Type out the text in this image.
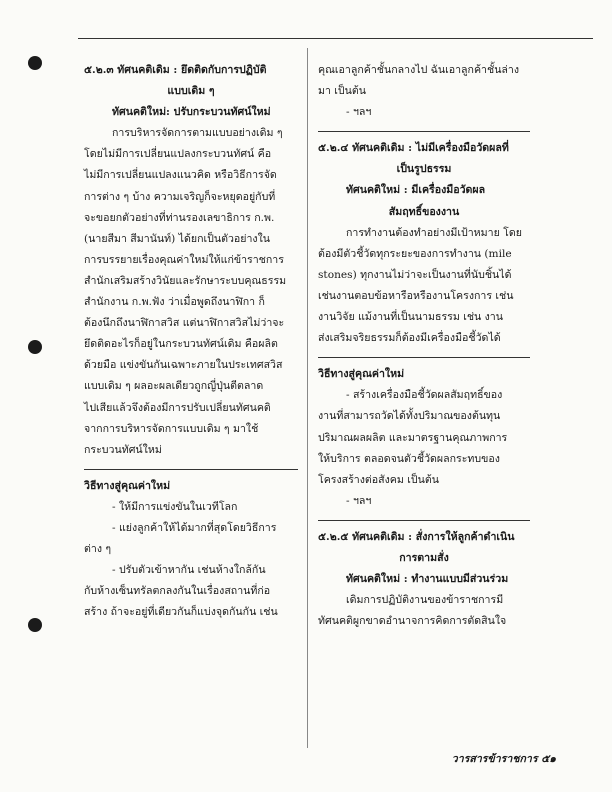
๕.๒.๓ ทัศนคติเดิม : ยึดติดกับการปฏิบัติ

แบบเดิม ๆ

ทัศนคติใหม่: ปรับกระบวนทัศน์ใหม่

การบริหารจัดการตามแบบอย่างเดิม ๆ

โดยไม่มีการเปลี่ยนแปลงกระบวนทัศน์ คือ

ไม่มีการเปลี่ยนแปลงแนวคิด หรือวิธีการจัด

การต่าง ๆ บ้าง ความเจริญก็จะหยุดอยู่กับที่

จะขอยกตัวอย่างที่ท่านรองเลขาธิการ ก.พ.

(นายสีมา สีมานันท์) ได้ยกเป็นตัวอย่างใน

การบรรยายเรื่องคุณค่าใหม่ให้แก่ข้าราชการ

สำนักเสริมสร้างวินัยและรักษาระบบคุณธรรม

สำนักงาน ก.พ.ฟัง ว่าเมื่อพูดถึงนาฬิกา ก็

ต้องนึกถึงนาฬิกาสวิส แต่นาฬิกาสวิสไม่ว่าจะ

ยึดติดอะไรก็อยู่ในกระบวนทัศน์เดิม คือผลิต

ด้วยมือ แข่งขันกันเฉพาะภายในประเทศสวิส

แบบเดิม ๆ ผลอะผลเดียวถูกญี่ปุ่นตีตลาด

ไปเสียแล้วจึงต้องมีการปรับเปลี่ยนทัศนคติ

จากการบริหารจัดการแบบเดิม ๆ มาใช้

กระบวนทัศน์ใหม่

วิธีทางสู่คุณค่าใหม่

- ให้มีการแข่งขันในเวทีโลก

- แย่งลูกค้าให้ได้มากที่สุดโดยวิธีการ

ต่าง ๆ

- ปรับตัวเข้าหากัน เช่นห้างใกล้กัน

กับห้างเซ็นทรัลตกลงกันในเรื่องสถานที่ก่อ

สร้าง ถ้าจะอยู่ที่เดียวกันก็แบ่งจุดกันกัน เช่น

คุณเอาลูกค้าชั้นกลางไป ฉันเอาลูกค้าชั้นล่าง

มา เป็นต้น

- ฯลฯ

๕.๒.๔ ทัศนคติเดิม : ไม่มีเครื่องมือวัดผลที่

เป็นรูปธรรม

ทัศนคติใหม่ : มีเครื่องมือวัดผล

สัมฤทธิ์ของงาน

การทำงานต้องทำอย่างมีเป้าหมาย โดย

ต้องมีตัวชี้วัดทุกระยะของการทำงาน (mile

stones) ทุกงานไม่ว่าจะเป็นงานที่นับชิ้นได้

เช่นงานตอบข้อหารือหรืองานโครงการ เช่น

งานวิจัย แม้งานที่เป็นนามธรรม เช่น งาน

ส่งเสริมจริยธรรมก็ต้องมีเครื่องมือชี้วัดได้

วิธีทางสู่คุณค่าใหม่

- สร้างเครื่องมือชี้วัดผลสัมฤทธิ์ของ

งานที่สามารถวัดได้ทั้งปริมาณของต้นทุน

ปริมาณผลผลิต และมาตรฐานคุณภาพการ

ให้บริการ ตลอดจนตัวชี้วัดผลกระทบของ

โครงสร้างต่อสังคม เป็นต้น

- ฯลฯ

๕.๒.๕ ทัศนคติเดิม : สั่งการให้ลูกค้าดำเนิน

การตามสั่ง

ทัศนคติใหม่ : ทำงานแบบมีส่วนร่วม

เดิมการปฏิบัติงานของข้าราชการมี

ทัศนคติผูกขาดอำนาจการคิดการตัดสินใจ

วารสารข้าราชการ ๕๑
